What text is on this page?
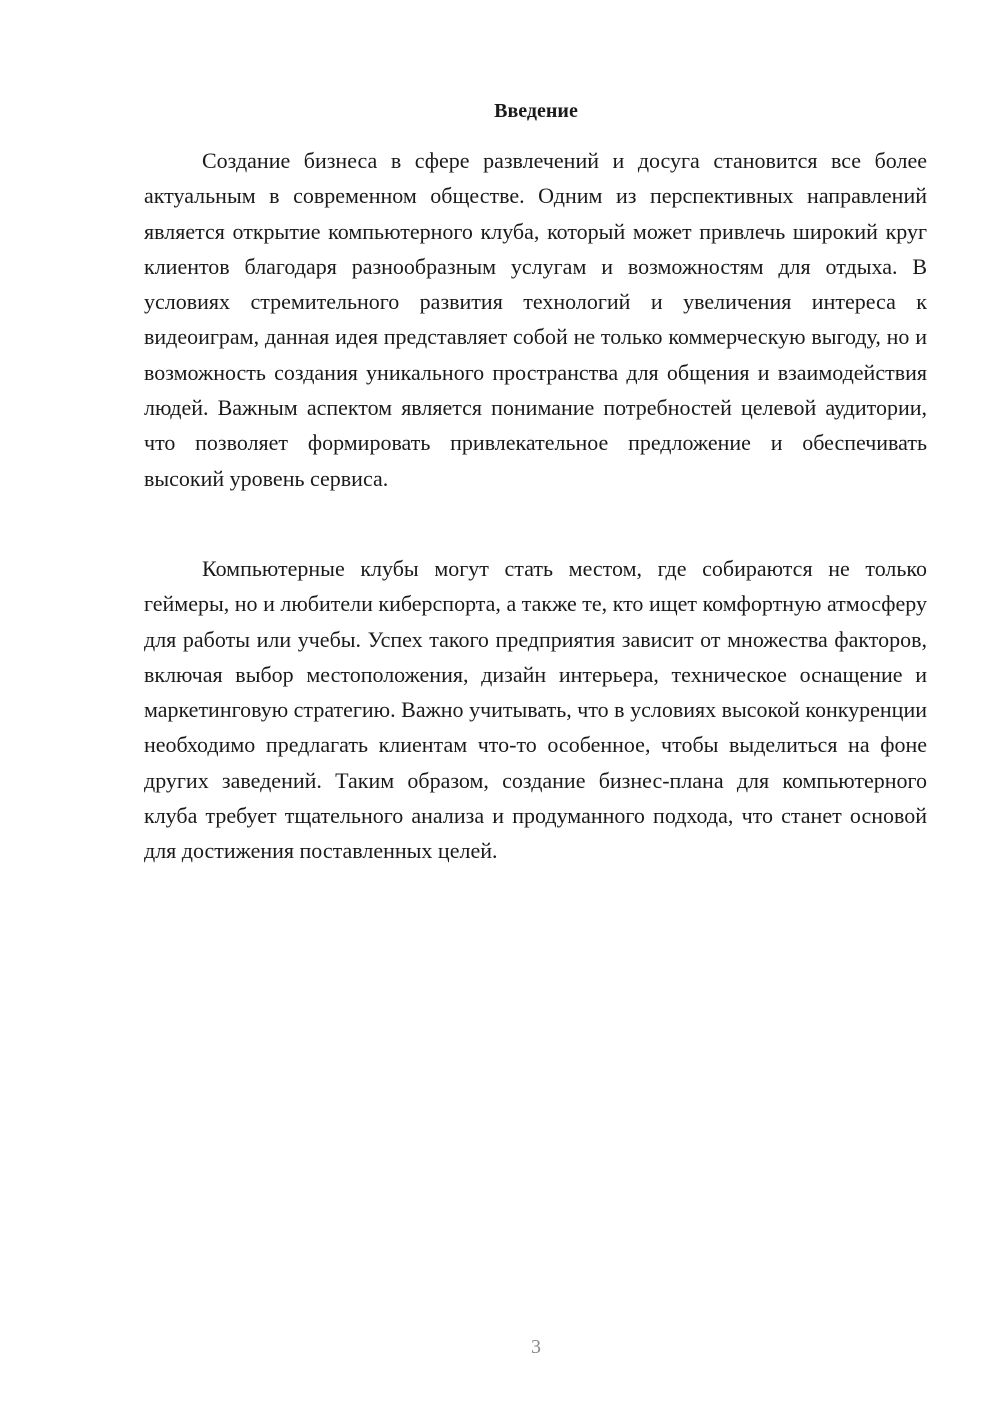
Введение

Создание бизнеса в сфере развлечений и досуга становится все более актуальным в современном обществе. Одним из перспективных направлений является открытие компьютерного клуба, который может привлечь широкий круг клиентов благодаря разнообразным услугам и возможностям для отдыха. В условиях стремительного развития технологий и увеличения интереса к видеоиграм, данная идея представляет собой не только коммерческую выгоду, но и возможность создания уникального пространства для общения и взаимодействия людей. Важным аспектом является понимание потребностей целевой аудитории, что позволяет формировать привлекательное предложение и обеспечивать высокий уровень сервиса.

Компьютерные клубы могут стать местом, где собираются не только геймеры, но и любители киберспорта, а также те, кто ищет комфортную атмосферу для работы или учебы. Успех такого предприятия зависит от множества факторов, включая выбор местоположения, дизайн интерьера, техническое оснащение и маркетинговую стратегию. Важно учитывать, что в условиях высокой конкуренции необходимо предлагать клиентам что-то особенное, чтобы выделиться на фоне других заведений. Таким образом, создание бизнес-плана для компьютерного клуба требует тщательного анализа и продуманного подхода, что станет основой для достижения поставленных целей.

3
